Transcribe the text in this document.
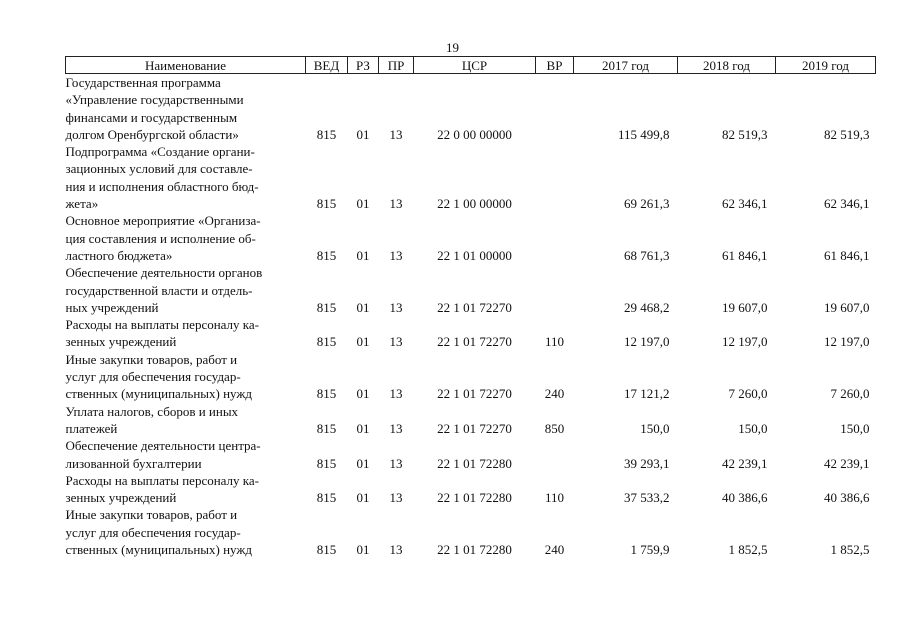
19
Наименование	ВЕД	РЗ	ПР	ЦСР	ВР	2017 год	2018 год	2019 год

Государственная программа
«Управление государственными
финансами и государственным
долгом Оренбургской области»	815	01	13	22 0 00 00000		115 499,8	82 519,3	82 519,3

Подпрограмма «Создание органи-
зационных условий для составле-
ния и исполнения областного бюд-
жета»	815	01	13	22 1 00 00000		69 261,3	62 346,1	62 346,1

Основное мероприятие «Организа-
ция составления и исполнение об-
ластного бюджета»	815	01	13	22 1 01 00000		68 761,3	61 846,1	61 846,1

Обеспечение деятельности органов
государственной власти и отдель-
ных учреждений	815	01	13	22 1 01 72270		29 468,2	19 607,0	19 607,0

Расходы на выплаты персоналу ка-
зенных учреждений	815	01	13	22 1 01 72270	110	12 197,0	12 197,0	12 197,0

Иные закупки товаров, работ и
услуг для обеспечения государ-
ственных (муниципальных) нужд	815	01	13	22 1 01 72270	240	17 121,2	7 260,0	7 260,0

Уплата налогов, сборов и иных
платежей	815	01	13	22 1 01 72270	850	150,0	150,0	150,0

Обеспечение деятельности центра-
лизованной бухгалтерии	815	01	13	22 1 01 72280		39 293,1	42 239,1	42 239,1

Расходы на выплаты персоналу ка-
зенных учреждений	815	01	13	22 1 01 72280	110	37 533,2	40 386,6	40 386,6

Иные закупки товаров, работ и
услуг для обеспечения государ-
ственных (муниципальных) нужд	815	01	13	22 1 01 72280	240	1 759,9	1 852,5	1 852,5
